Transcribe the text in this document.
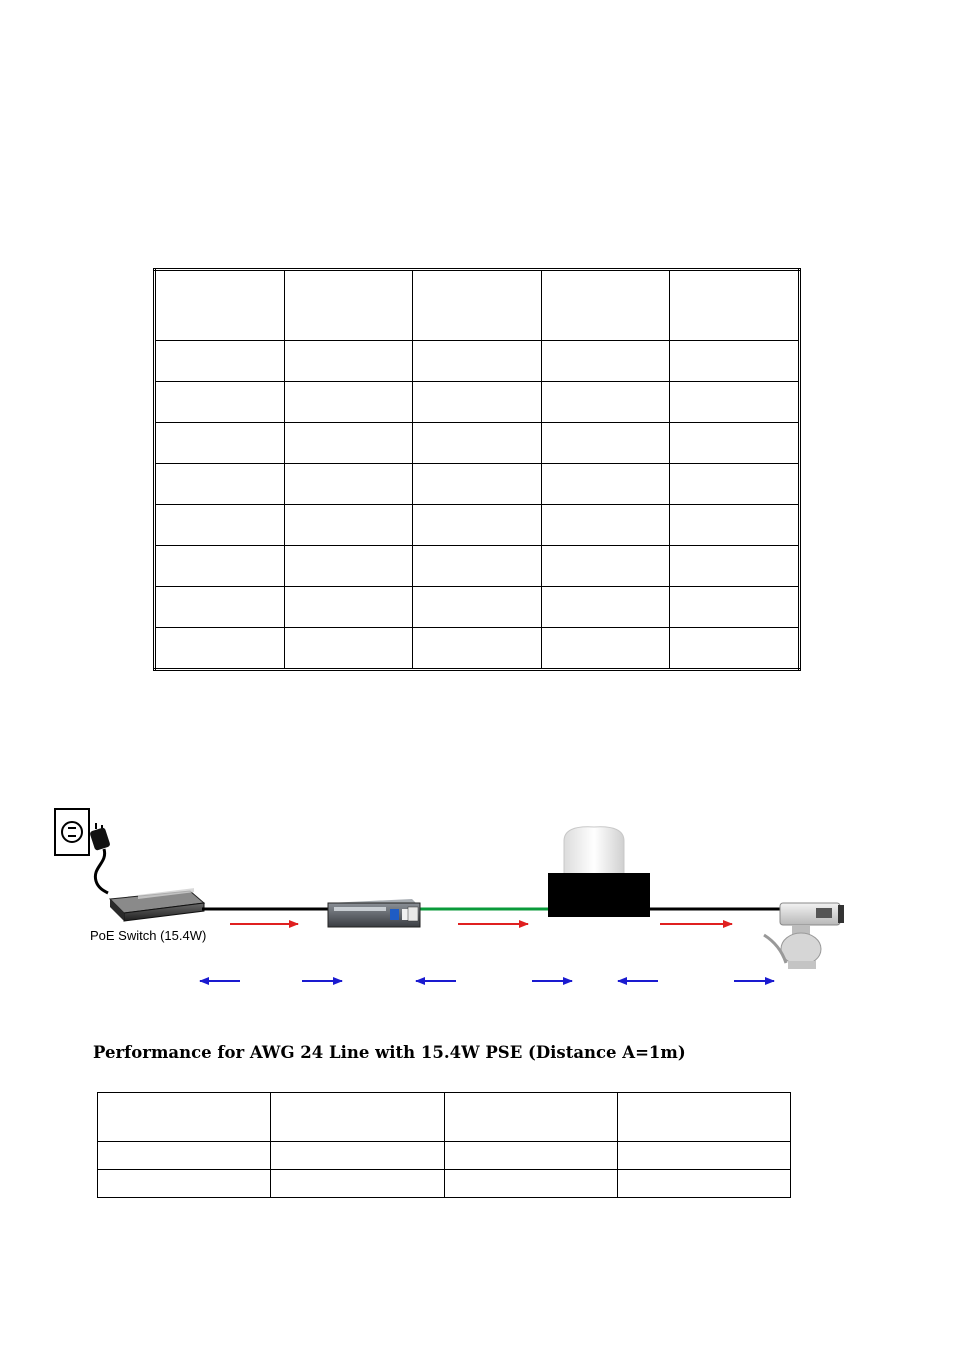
PoE Switch (15.4W)
Performance for AWG 24 Line with 15.4W PSE (Distance A=1m)
